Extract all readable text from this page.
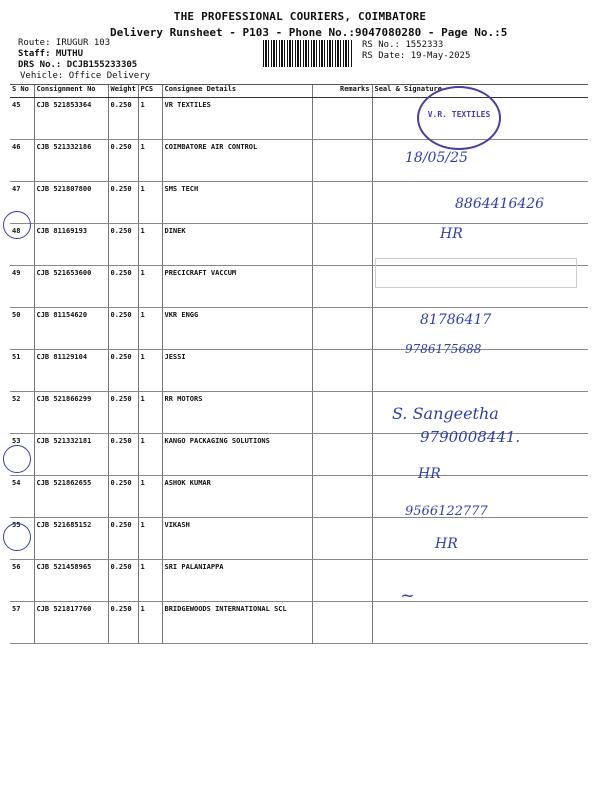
THE PROFESSIONAL COURIERS, COIMBATORE
Delivery Runsheet - P103 - Phone No.:9047080280 - Page No.:5
Route: IRUGUR 103
Staff: MUTHU
DRS No.: DCJB155233305
Vehicle: Office Delivery
RS No.: 1552333
RS Date: 19-May-2025
S No	Consignment No	Weight	PCS	Consignee Details	Remarks	Seal & Signature
45	CJB 521853364	0.250	1	VR TEXTILES		
46	CJB 521332186	0.250	1	COIMBATORE AIR CONTROL		
47	CJB 521807800	0.250	1	SMS TECH		
48	CJB 81169193	0.250	1	DINEK		
49	CJB 521653600	0.250	1	PRECICRAFT VACCUM		
50	CJB 81154620	0.250	1	VKR ENGG		
51	CJB 81129104	0.250	1	JESSI		
52	CJB 521866299	0.250	1	RR MOTORS		
53	CJB 521332181	0.250	1	KANGO PACKAGING SOLUTIONS		
54	CJB 521862655	0.250	1	ASHOK KUMAR		
55	CJB 521685152	0.250	1	VIKASH		
56	CJB 521458965	0.250	1	SRI PALANIAPPA		
57	CJB 521817760	0.250	1	BRIDGEWOODS INTERNATIONAL SCL		
V.R. TEXTILES
18/05/25
8864416426
HR
81786417
9786175688
S. Sangeetha
9790008441.
HR
9566122777
HR
~
